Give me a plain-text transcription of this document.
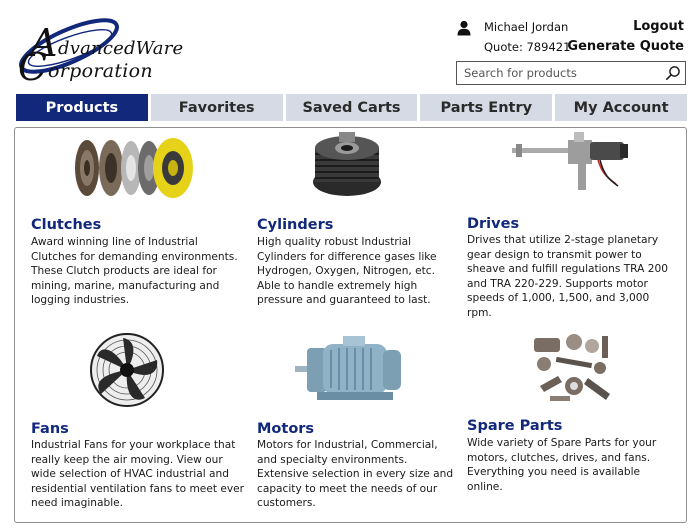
A
C dvancedWare
orporation
Michael Jordan	Logout
Quote: 789421
Generate Quote
Search for products
Products	Favorites	Saved Carts	Parts Entry	My Account
Clutches
Award winning line of Industrial Clutches for demanding environments. These Clutch products are ideal for mining, marine, manufacturing and logging industries.
Cylinders
High quality robust Industrial Cylinders for difference gases like Hydrogen, Oxygen, Nitrogen, etc. Able to handle extremely high pressure and guaranteed to last.
Drives
Drives that utilize 2-stage planetary gear design to transmit power to sheave and fulfill regulations TRA 200 and TRA 220-229. Supports motor speeds of 1,000, 1,500, and 3,000 rpm.
Fans
Industrial Fans for your workplace that really keep the air moving. View our wide selection of HVAC industrial and residential ventilation fans to meet ever need imaginable.
Motors
Motors for Industrial, Commercial, and specialty environments. Extensive selection in every size and capacity to meet the needs of our customers.
Spare Parts
Wide variety of Spare Parts for your motors, clutches, drives, and fans. Everything you need is available online.
